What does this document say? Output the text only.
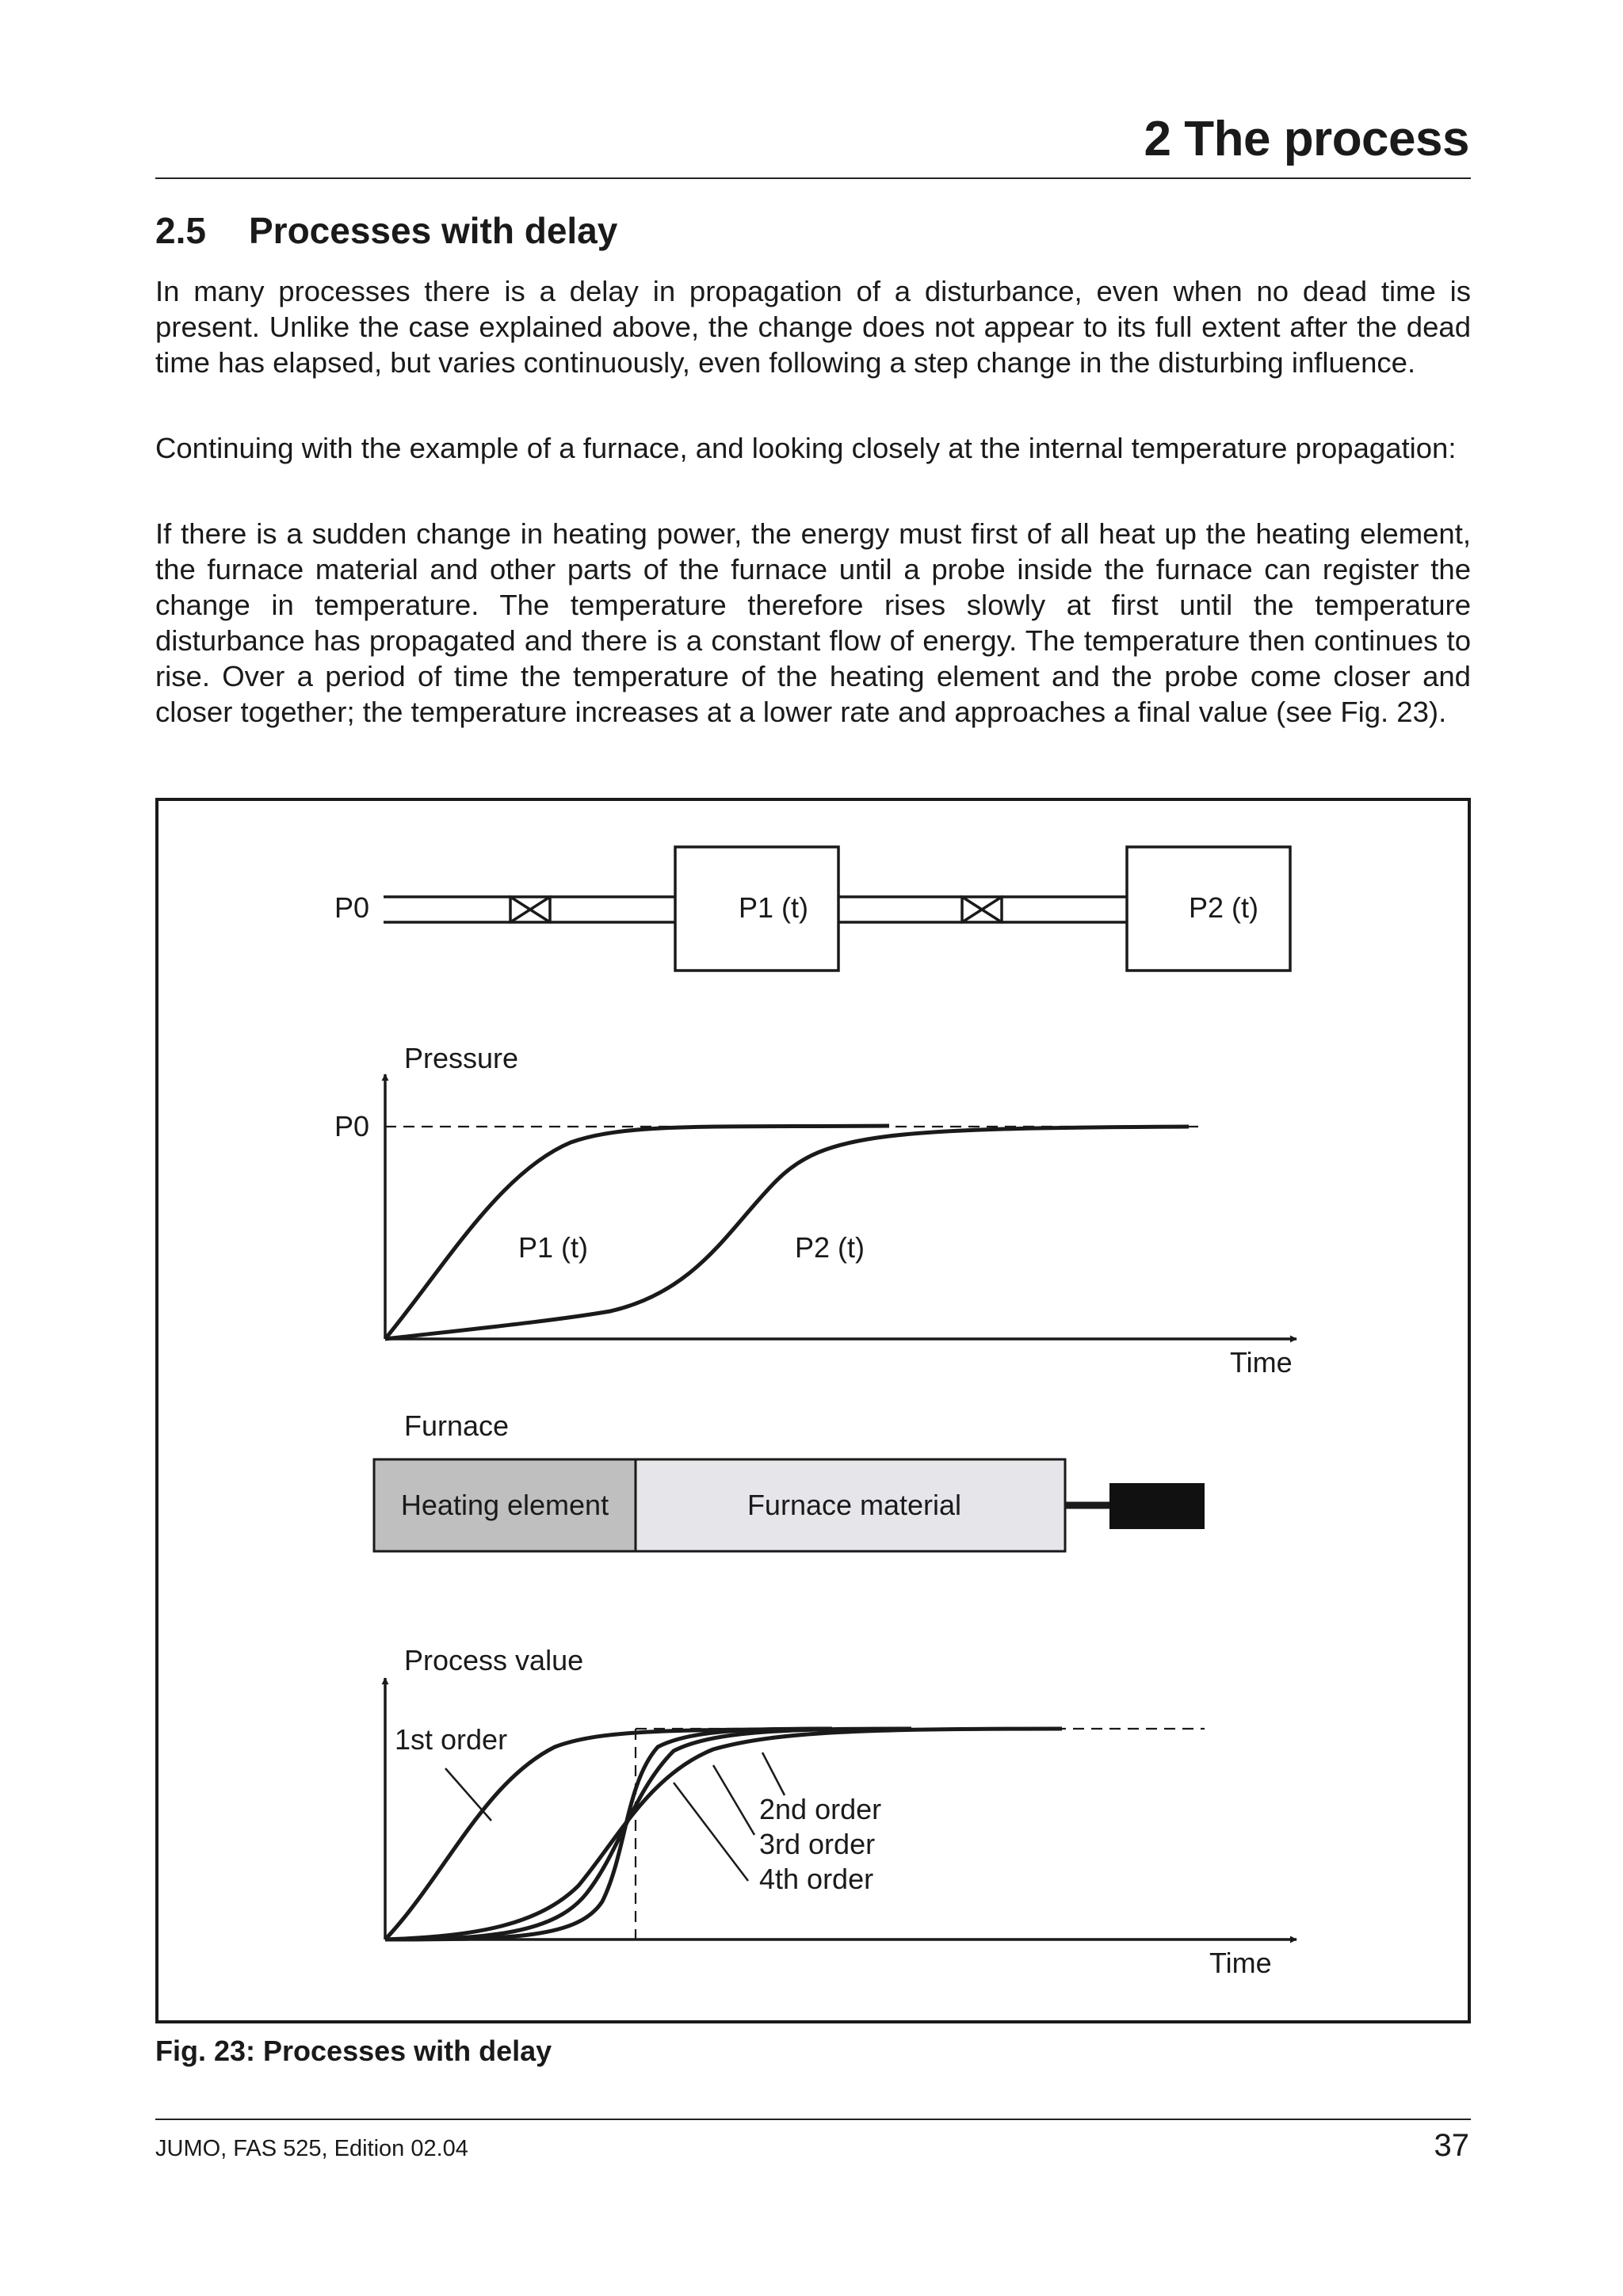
2 The process
2.5 Processes with delay

In many processes there is a delay in propagation of a disturbance, even when no dead time is present. Unlike the case explained above, the change does not appear to its full extent after the dead time has elapsed, but varies continuously, even following a step change in the disturbing influence.

Continuing with the example of a furnace, and looking closely at the internal temperature propagation:

If there is a sudden change in heating power, the energy must first of all heat up the heating element, the furnace material and other parts of the furnace until a probe inside the furnace can register the change in temperature. The temperature therefore rises slowly at first until the temperature disturbance has propagated and there is a constant flow of energy. The temperature then continues to rise. Over a period of time the temperature of the heating element and the probe come closer and closer together; the temperature increases at a lower rate and approaches a final value (see Fig. 23).

P0	P1 (t)	P2 (t)
Pressure
P0
P1 (t)	P2 (t)
Time
Furnace
Heating element	Furnace material
Process value
1st order
2nd order
3rd order
4th order
Time

Fig. 23: Processes with delay

JUMO, FAS 525, Edition 02.04	37
